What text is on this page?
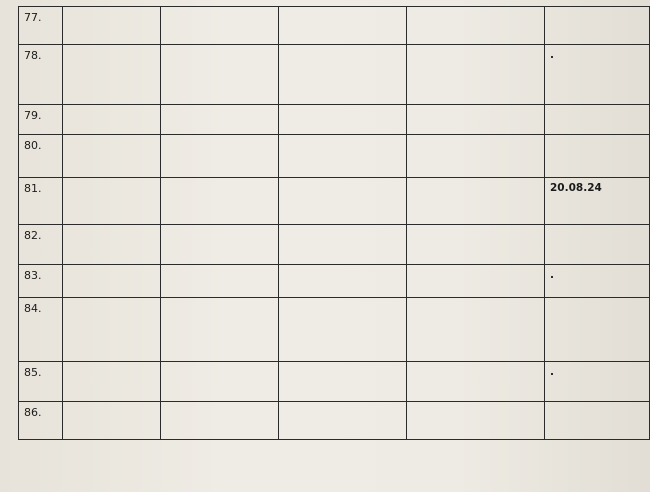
77.					
78.					.
79.					
80.					
81.					20.08.24
82.					
83.					.
84.					
85.					.
86.					
